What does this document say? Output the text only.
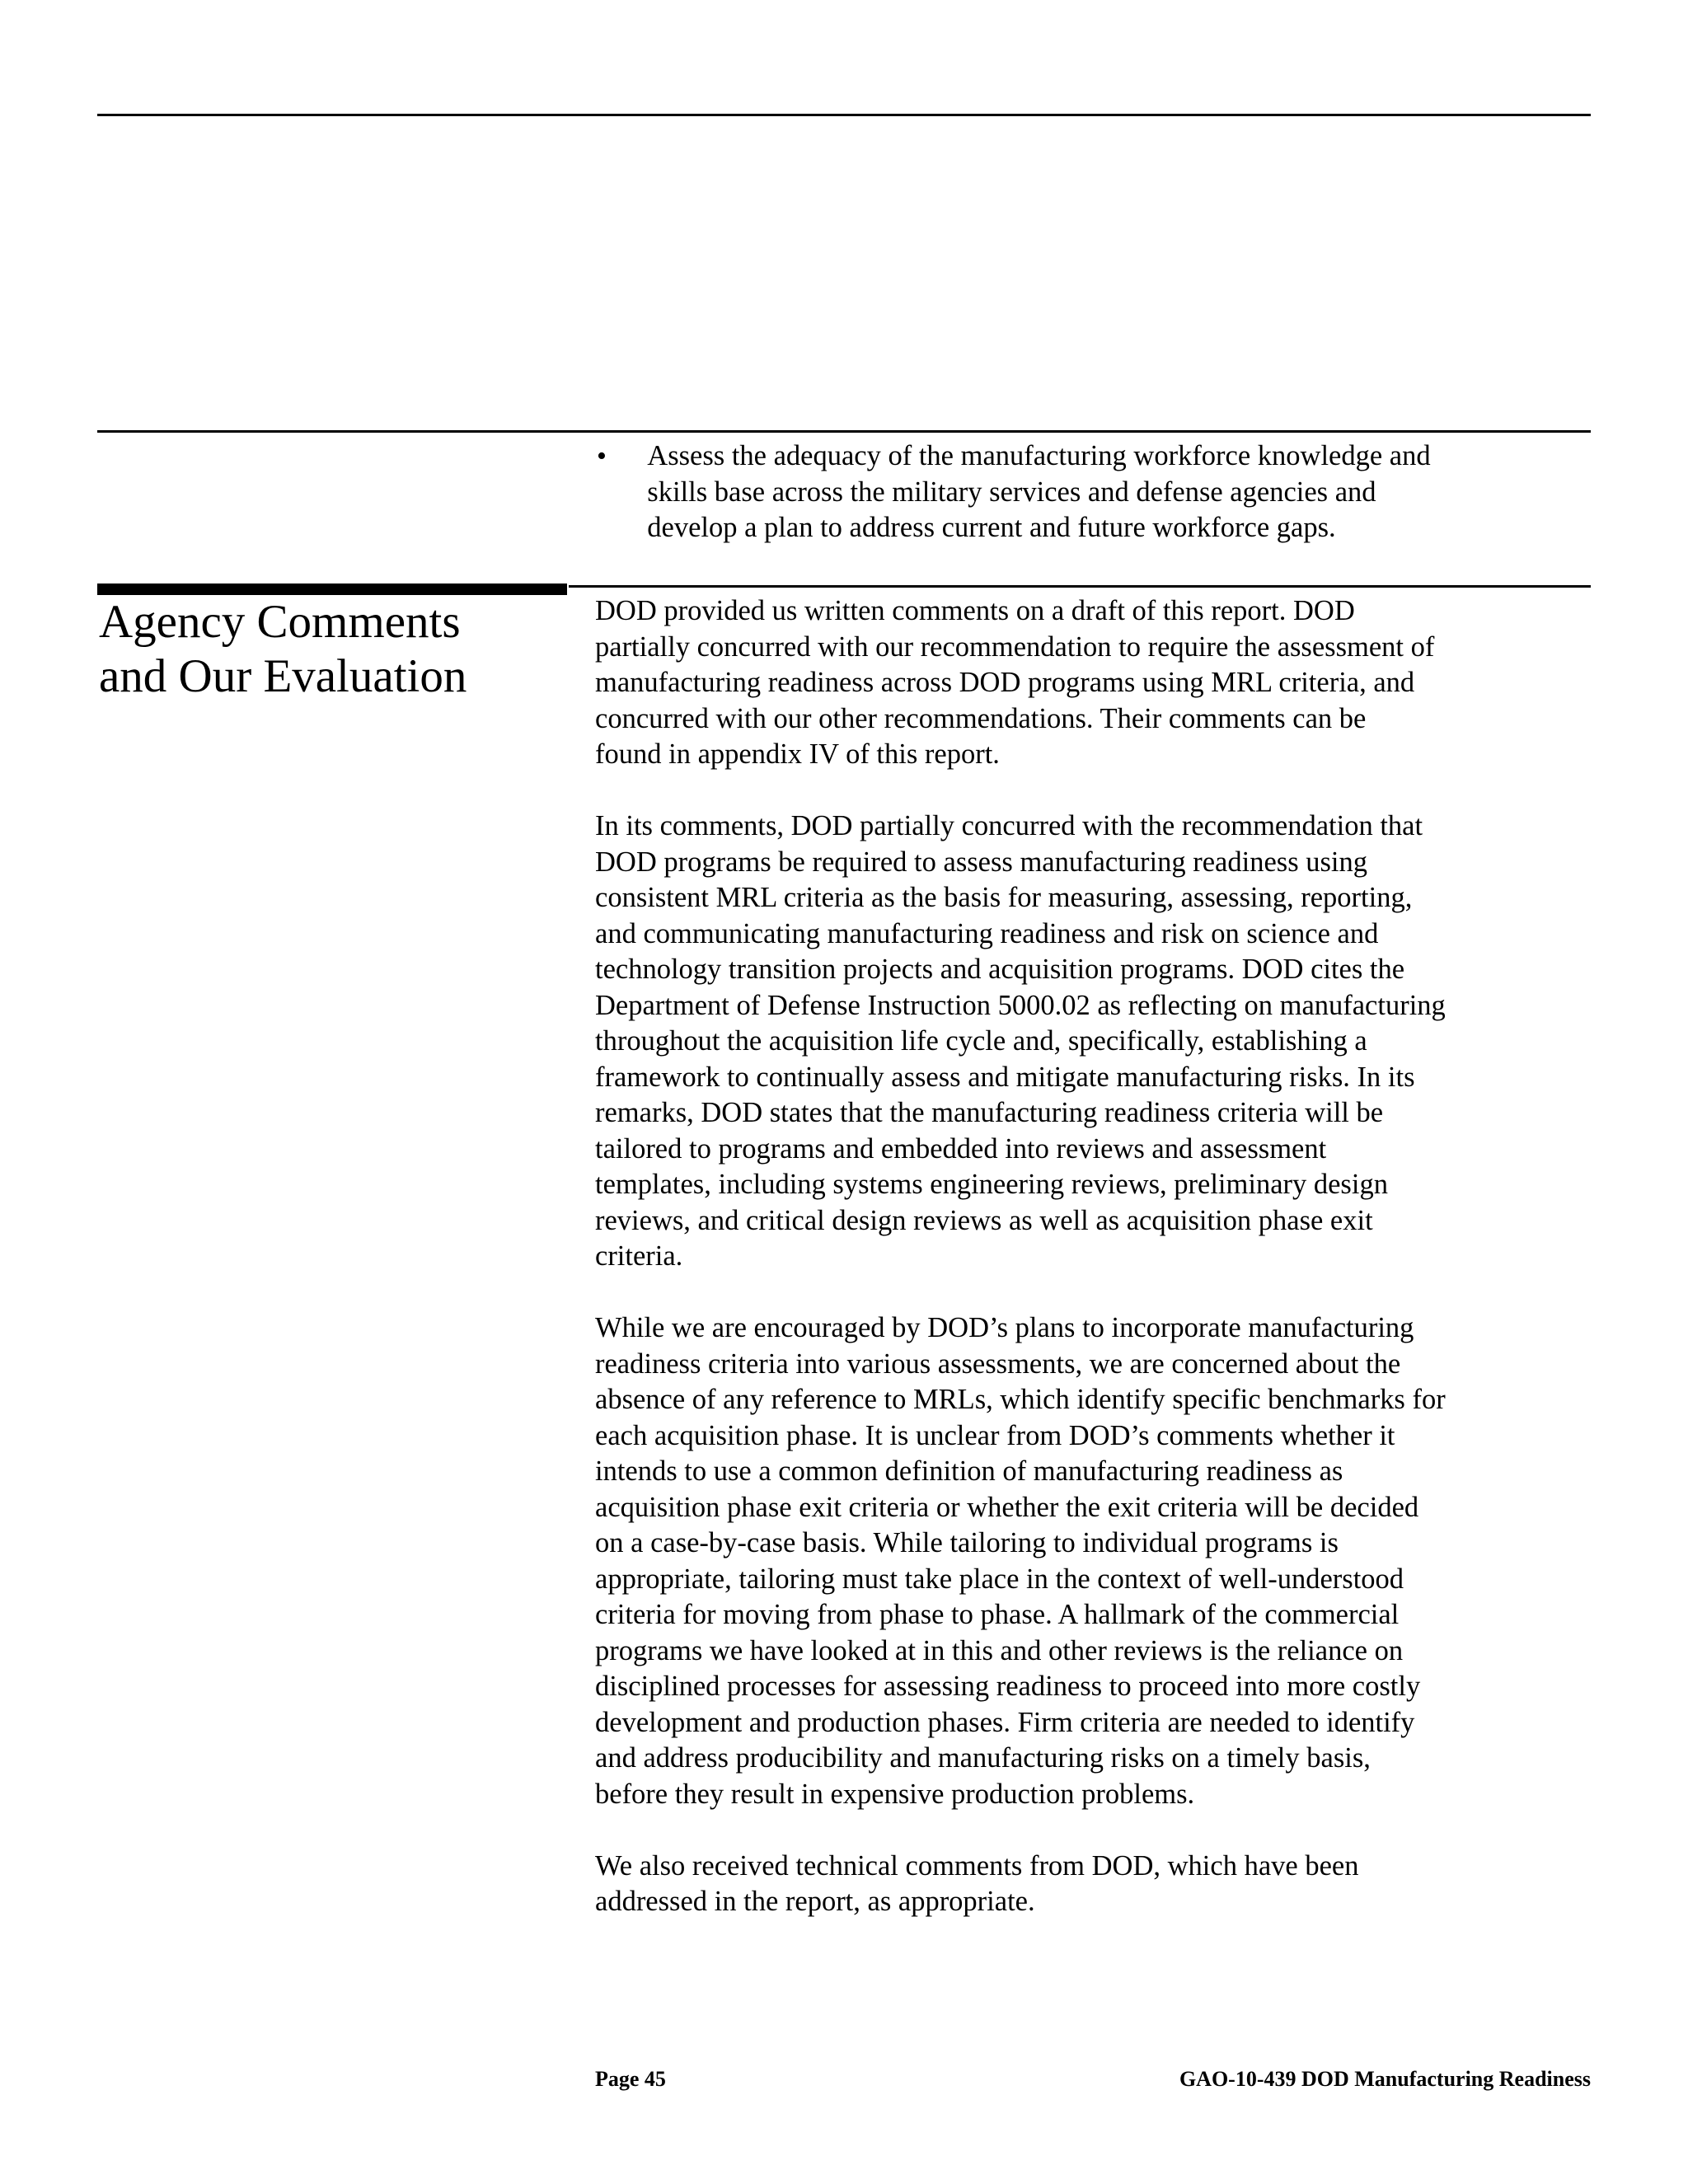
•	Assess the adequacy of the manufacturing workforce knowledge and
skills base across the military services and defense agencies and
develop a plan to address current and future workforce gaps.
Agency Comments
and Our Evaluation

DOD provided us written comments on a draft of this report. DOD
partially concurred with our recommendation to require the assessment of
manufacturing readiness across DOD programs using MRL criteria, and
concurred with our other recommendations. Their comments can be
found in appendix IV of this report.

In its comments, DOD partially concurred with the recommendation that
DOD programs be required to assess manufacturing readiness using
consistent MRL criteria as the basis for measuring, assessing, reporting,
and communicating manufacturing readiness and risk on science and
technology transition projects and acquisition programs. DOD cites the
Department of Defense Instruction 5000.02 as reflecting on manufacturing
throughout the acquisition life cycle and, specifically, establishing a
framework to continually assess and mitigate manufacturing risks. In its
remarks, DOD states that the manufacturing readiness criteria will be
tailored to programs and embedded into reviews and assessment
templates, including systems engineering reviews, preliminary design
reviews, and critical design reviews as well as acquisition phase exit
criteria.

While we are encouraged by DOD’s plans to incorporate manufacturing
readiness criteria into various assessments, we are concerned about the
absence of any reference to MRLs, which identify specific benchmarks for
each acquisition phase. It is unclear from DOD’s comments whether it
intends to use a common definition of manufacturing readiness as
acquisition phase exit criteria or whether the exit criteria will be decided
on a case-by-case basis. While tailoring to individual programs is
appropriate, tailoring must take place in the context of well-understood
criteria for moving from phase to phase. A hallmark of the commercial
programs we have looked at in this and other reviews is the reliance on
disciplined processes for assessing readiness to proceed into more costly
development and production phases. Firm criteria are needed to identify
and address producibility and manufacturing risks on a timely basis,
before they result in expensive production problems.

We also received technical comments from DOD, which have been
addressed in the report, as appropriate.

Page 45	GAO-10-439 DOD Manufacturing Readiness
